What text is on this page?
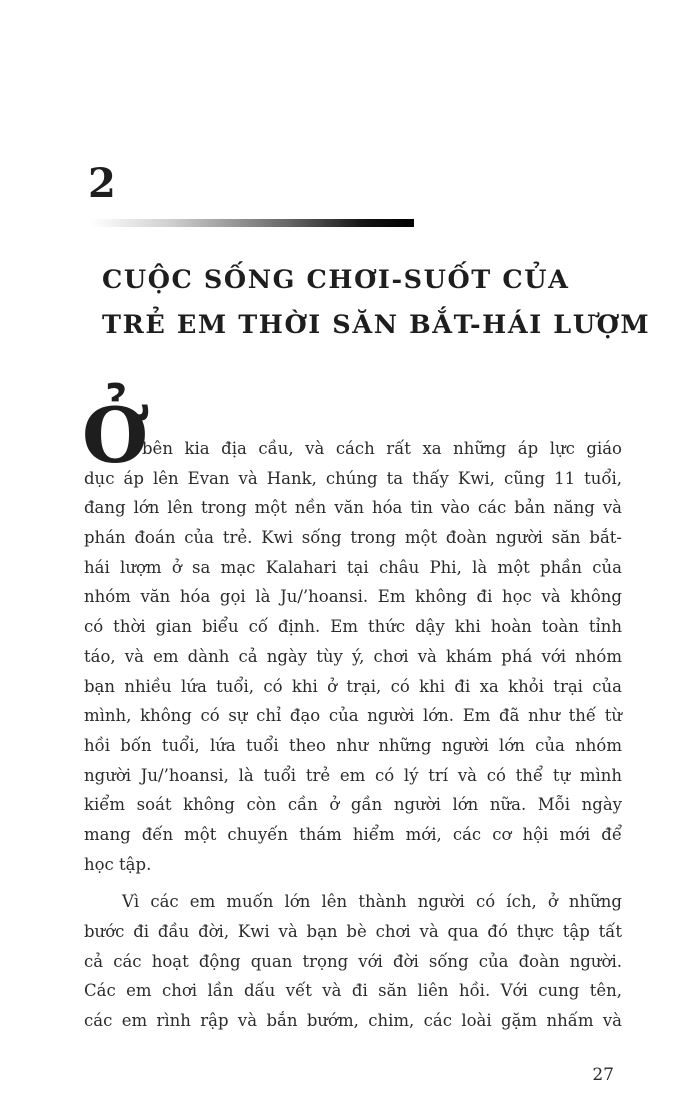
2
CUỘC SỐNG CHƠI-SUỐT CỦA
TRẺ EM THỜI SĂN BẮT-HÁI LƯỢM
Ở
bên kia địa cầu, và cách rất xa những áp lực giáo
dục áp lên Evan và Hank, chúng ta thấy Kwi, cũng 11 tuổi,
đang lớn lên trong một nền văn hóa tin vào các bản năng và
phán đoán của trẻ. Kwi sống trong một đoàn người săn bắt-
hái lượm ở sa mạc Kalahari tại châu Phi, là một phần của
nhóm văn hóa gọi là Ju/’hoansi. Em không đi học và không
có thời gian biểu cố định. Em thức dậy khi hoàn toàn tỉnh
táo, và em dành cả ngày tùy ý, chơi và khám phá với nhóm
bạn nhiều lứa tuổi, có khi ở trại, có khi đi xa khỏi trại của
mình, không có sự chỉ đạo của người lớn. Em đã như thế từ
hồi bốn tuổi, lứa tuổi theo như những người lớn của nhóm
người Ju/’hoansi, là tuổi trẻ em có lý trí và có thể tự mình
kiểm soát không còn cần ở gần người lớn nữa. Mỗi ngày
mang đến một chuyến thám hiểm mới, các cơ hội mới để
học tập.
Vì các em muốn lớn lên thành người có ích, ở những
bước đi đầu đời, Kwi và bạn bè chơi và qua đó thực tập tất
cả các hoạt động quan trọng với đời sống của đoàn người.
Các em chơi lần dấu vết và đi săn liên hồi. Với cung tên,
các em rình rập và bắn bướm, chim, các loài gặm nhấm và
27
